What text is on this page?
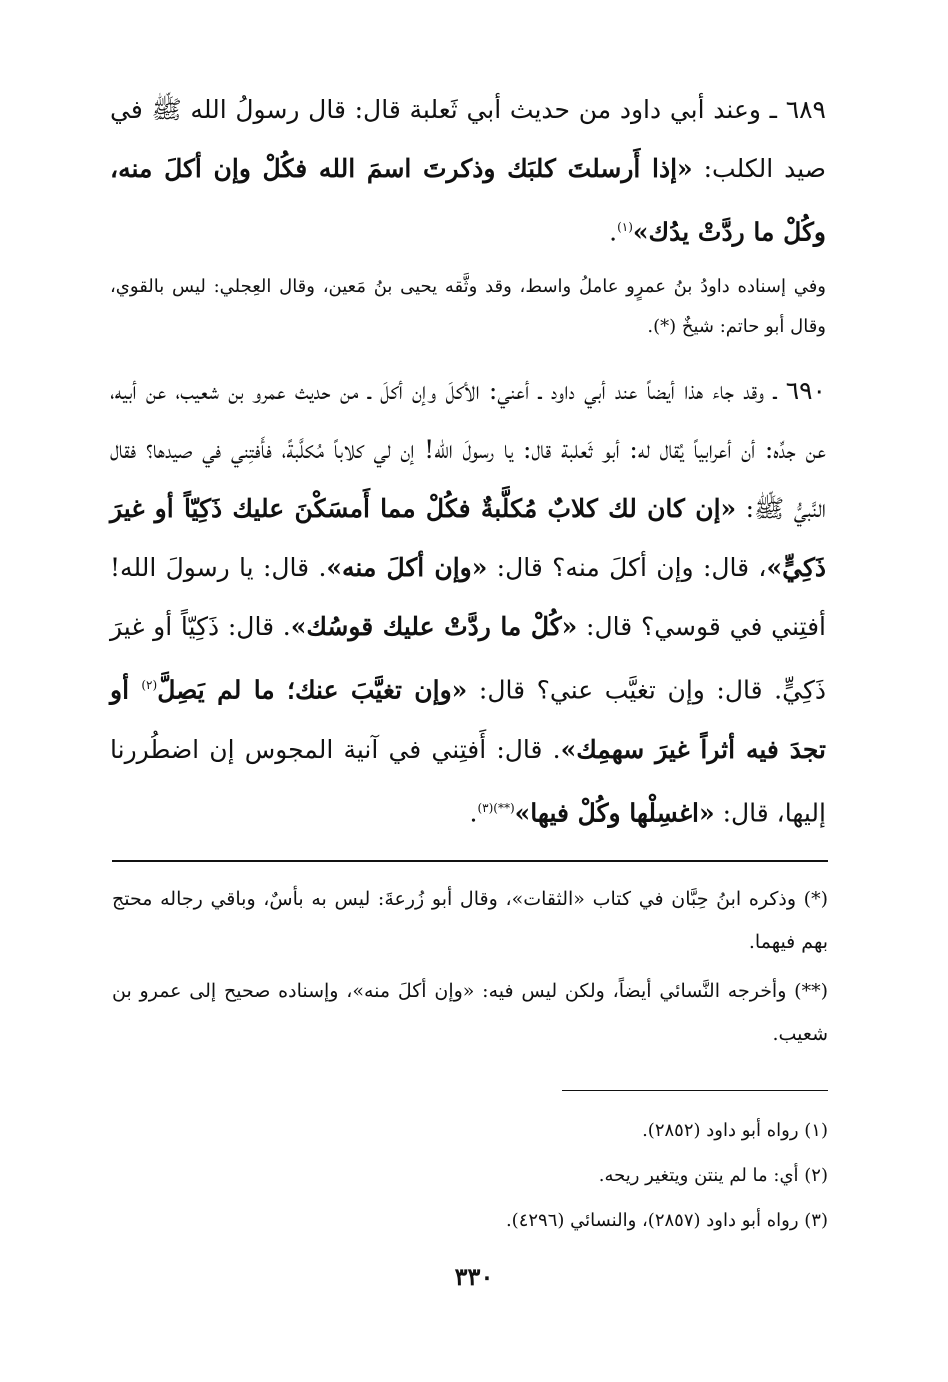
٦٨٩ ـ وعند أبي داود من حديث أبي ثَعلبة قال: قال رسولُ الله ﷺ في صيد الكلب: «إذا أَرسلتَ كلبَك وذكرتَ اسمَ الله فكُلْ وإن أكلَ منه، وكُلْ ما ردَّتْ يدُك»$^{(١)}$.

وفي إسناده داودُ بنُ عمرٍو عاملُ واسط، وقد وثَّقه يحيى بنُ مَعين، وقال العِجلي: ليس بالقوي، وقال أبو حاتم: شيخٌ (*).

٦٩٠ ـ وقد جاء هذا أيضاً عند أبي داود ـ أعني: الأكلَ وإن أكلَ ـ من حديث عمرو بن شعيب، عن أبيه، عن جدِّه: أن أعرابياً يُقال له: أبو ثَعلبة قال: يا رسولَ الله! إن لي كلاباً مُكلَّبةً، فأَفتِني في صيدها؟ فقال النَّبيُّ ﷺ: «إن كان لك كلابٌ مُكلَّبةٌ فكُلْ مما أَمسَكْنَ عليك ذَكِيّاً أو غيرَ ذَكِيٍّ»، قال: وإن أكلَ منه؟ قال: «وإن أكلَ منه». قال: يا رسولَ الله! أفتِني في قوسي؟ قال: «كُلْ ما ردَّتْ عليك قوسُك». قال: ذَكِيّاً أو غيرَ ذَكِيٍّ. قال: وإن تغيَّب عني؟ قال: «وإن تغيَّبَ عنك؛ ما لم يَصِلَّ$^{(٢)}$ أو تجدَ فيه أثراً غيرَ سهمِك». قال: أَفتِني في آنية المجوس إن اضطُررنا إليها، قال: «اغسِلْها وكُلْ فيها»$^{(**)(٣)}$.

(*) وذكره ابنُ حِبَّان في كتاب «الثقات»، وقال أبو زُرعةَ: ليس به بأسٌ، وباقي رجاله محتج بهم فيهما.

(**) وأخرجه النَّسائي أيضاً، ولكن ليس فيه: «وإن أكلَ منه»، وإسناده صحيح إلى عمرو بن شعيب.

(١) رواه أبو داود (٢٨٥٢).

(٢) أي: ما لم ينتن ويتغير ريحه.

(٣) رواه أبو داود (٢٨٥٧)، والنسائي (٤٢٩٦).

٣٣٠
